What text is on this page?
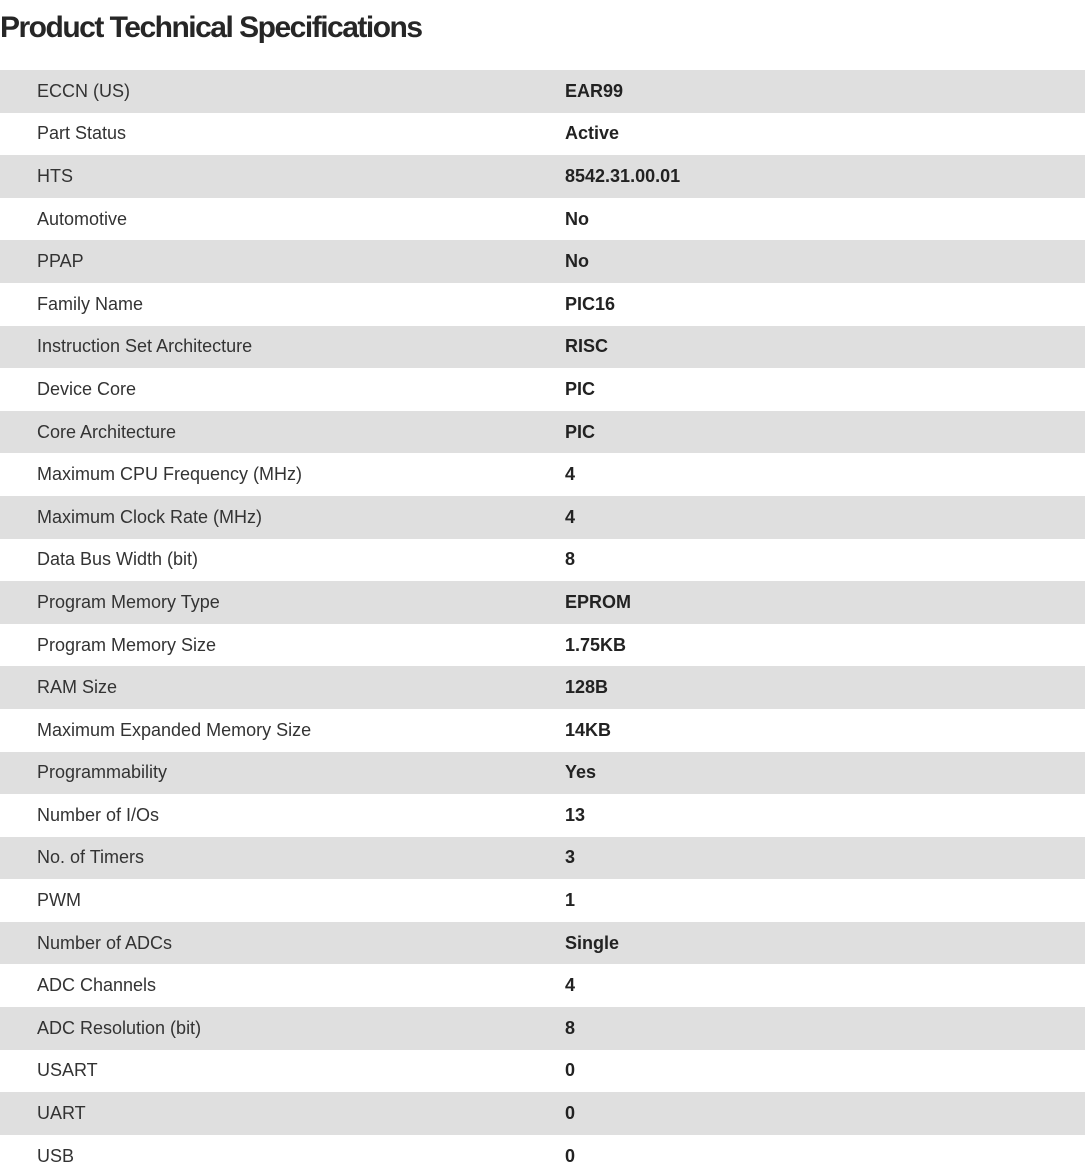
Product Technical Specifications
ECCN (US)	EAR99
Part Status	Active
HTS	8542.31.00.01
Automotive	No
PPAP	No
Family Name	PIC16
Instruction Set Architecture	RISC
Device Core	PIC
Core Architecture	PIC
Maximum CPU Frequency (MHz)	4
Maximum Clock Rate (MHz)	4
Data Bus Width (bit)	8
Program Memory Type	EPROM
Program Memory Size	1.75KB
RAM Size	128B
Maximum Expanded Memory Size	14KB
Programmability	Yes
Number of I/Os	13
No. of Timers	3
PWM	1
Number of ADCs	Single
ADC Channels	4
ADC Resolution (bit)	8
USART	0
UART	0
USB	0
